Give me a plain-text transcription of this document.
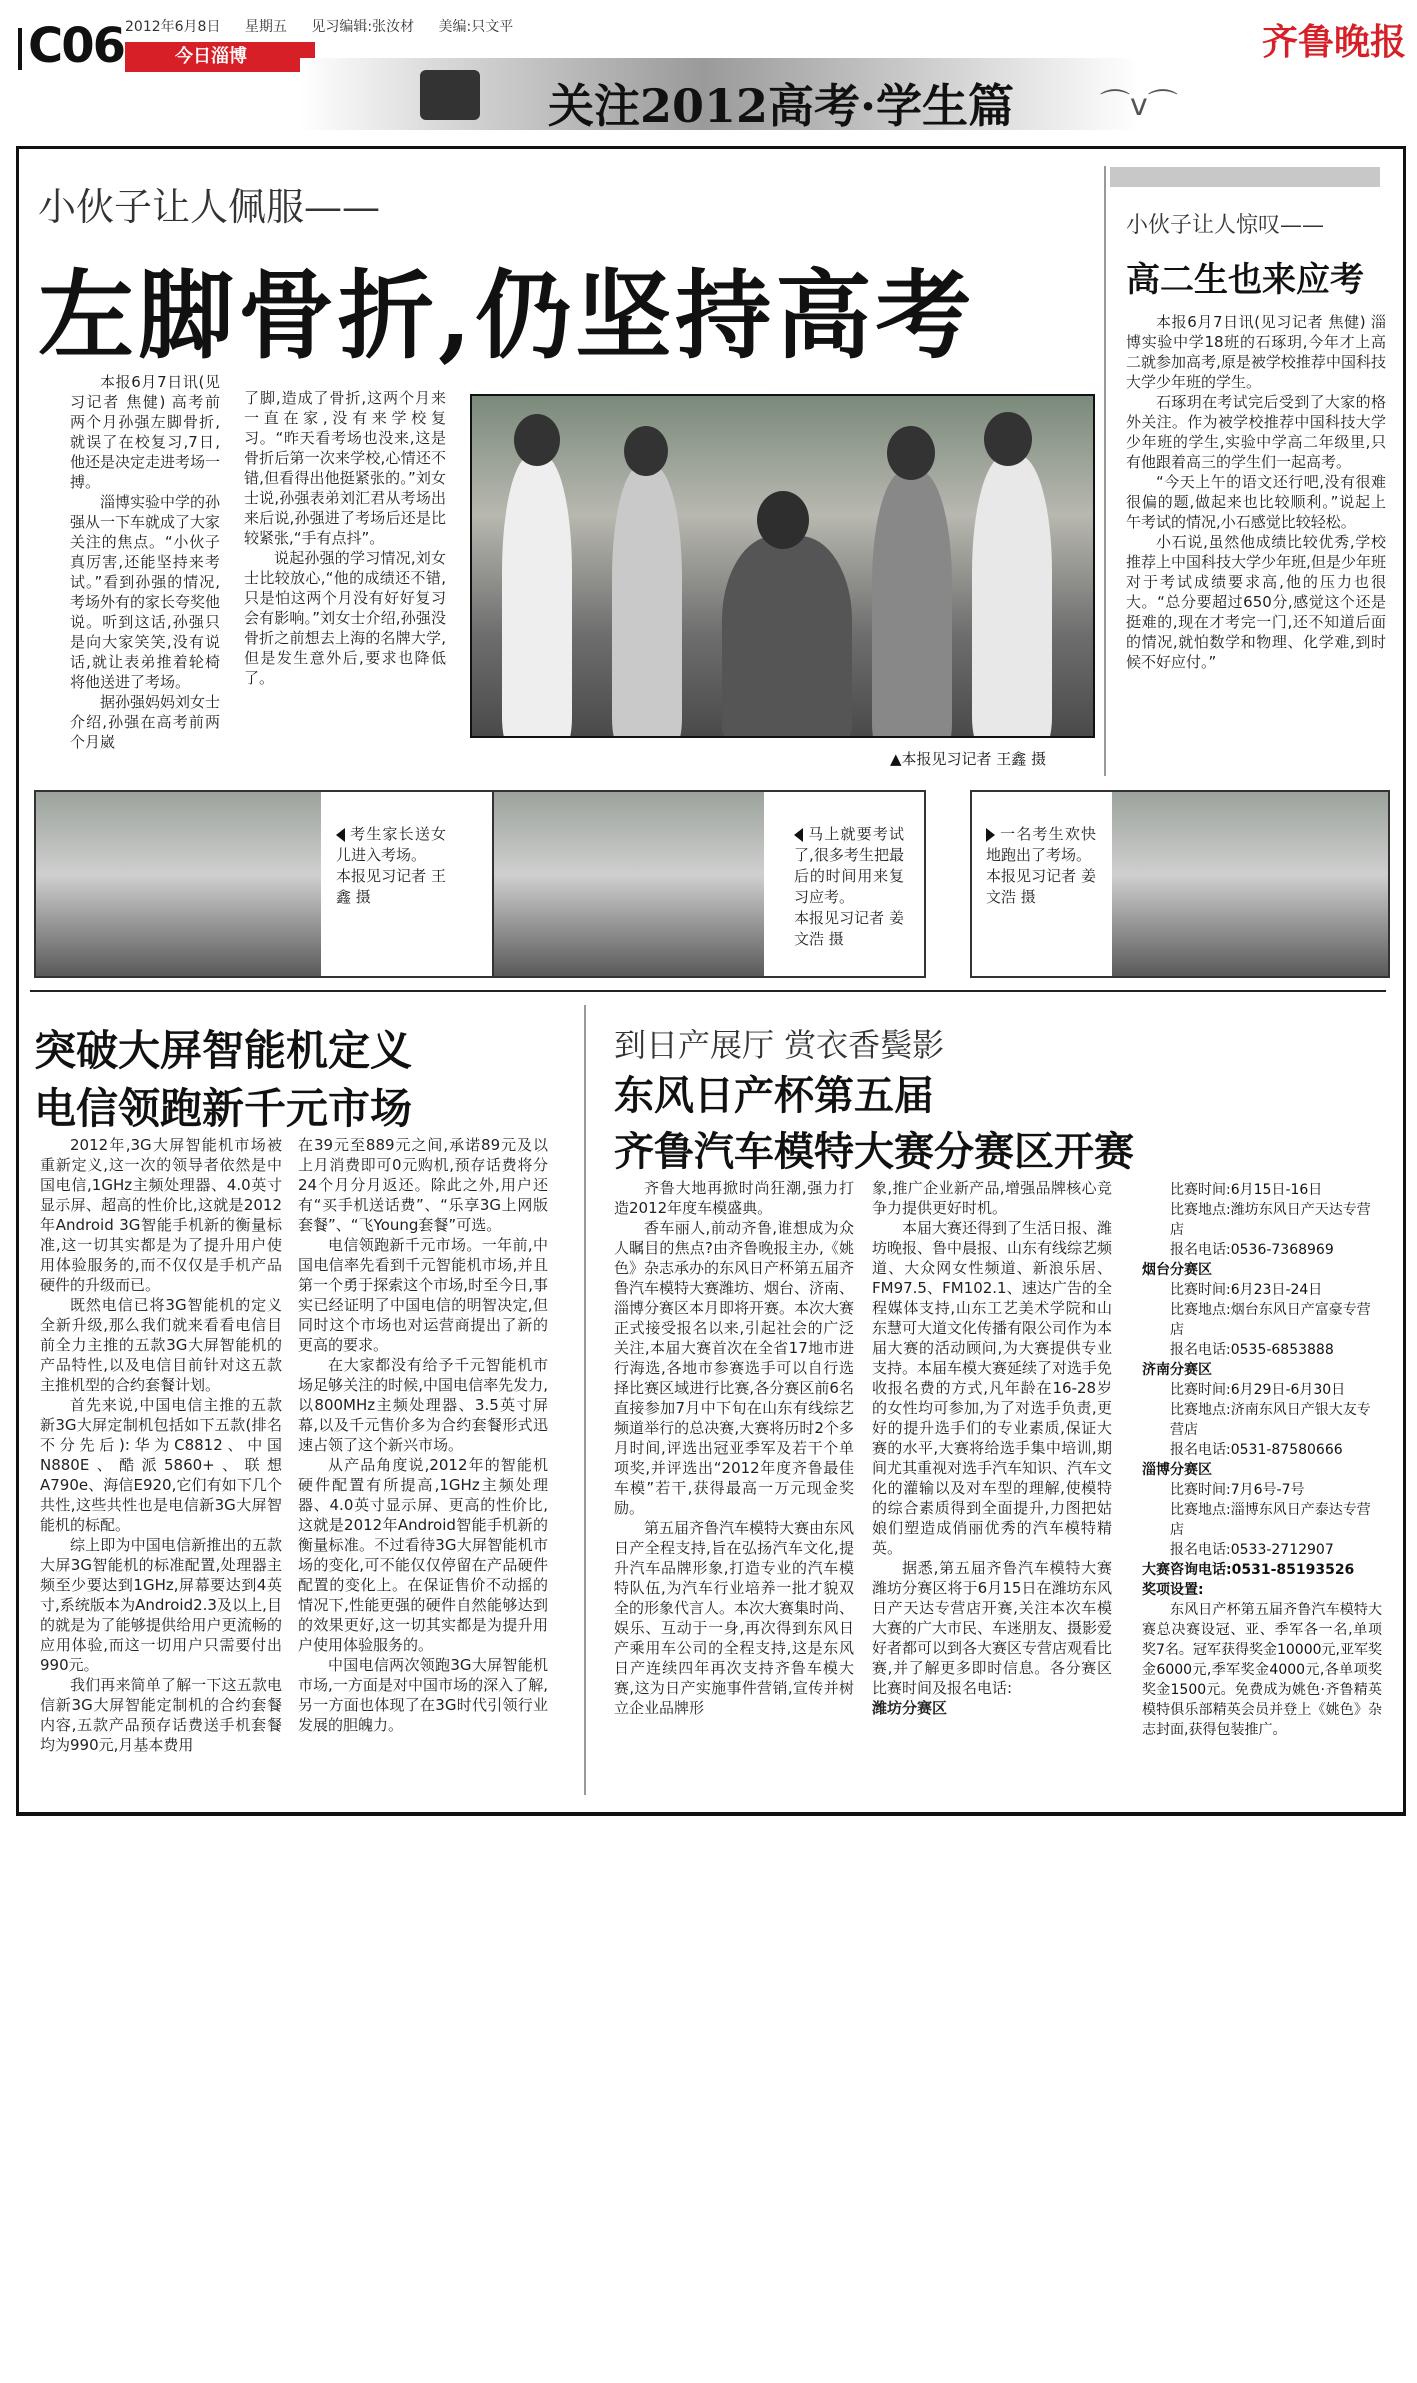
C06 2012年6月8日 星期五 见习编辑:张汝材 美编:只文平
今日淄博	齐鲁晚报
关注2012高考·学生篇	⌒v⌒
小伙子让人佩服——
左脚骨折,仍坚持高考

本报6月7日讯(见习记者 焦健) 高考前两个月孙强左脚骨折,就误了在校复习,7日,他还是决定走进考场一搏。

淄博实验中学的孙强从一下车就成了大家关注的焦点。“小伙子真厉害,还能坚持来考试。”看到孙强的情况,考场外有的家长夸奖他说。听到这话,孙强只是向大家笑笑,没有说话,就让表弟推着轮椅将他送进了考场。

据孙强妈妈刘女士介绍,孙强在高考前两个月崴

了脚,造成了骨折,这两个月来一直在家,没有来学校复习。“昨天看考场也没来,这是骨折后第一次来学校,心情还不错,但看得出他挺紧张的。”刘女士说,孙强表弟刘汇君从考场出来后说,孙强进了考场后还是比较紧张,“手有点抖”。

说起孙强的学习情况,刘女士比较放心,“他的成绩还不错,只是怕这两个月没有好好复习会有影响。”刘女士介绍,孙强没骨折之前想去上海的名牌大学,但是发生意外后,要求也降低了。

▲本报见习记者 王鑫 摄
小伙子让人惊叹——
高二生也来应考

本报6月7日讯(见习记者 焦健) 淄博实验中学18班的石琢玥,今年才上高二就参加高考,原是被学校推荐中国科技大学少年班的学生。

石琢玥在考试完后受到了大家的格外关注。作为被学校推荐中国科技大学少年班的学生,实验中学高二年级里,只有他跟着高三的学生们一起高考。

“今天上午的语文还行吧,没有很难很偏的题,做起来也比较顺利。”说起上午考试的情况,小石感觉比较轻松。

小石说,虽然他成绩比较优秀,学校推荐上中国科技大学少年班,但是少年班对于考试成绩要求高,他的压力也很大。“总分要超过650分,感觉这个还是挺难的,现在才考完一门,还不知道后面的情况,就怕数学和物理、化学难,到时候不好应付。”

考生家长送女儿进入考场。
本报见习记者 王鑫 摄
马上就要考试了,很多考生把最后的时间用来复习应考。
本报见习记者 姜文浩 摄
一名考生欢快地跑出了考场。
本报见习记者 姜文浩 摄
突破大屏智能机定义
电信领跑新千元市场

2012年,3G大屏智能机市场被重新定义,这一次的领导者依然是中国电信,1GHz主频处理器、4.0英寸显示屏、超高的性价比,这就是2012年Android 3G智能手机新的衡量标准,这一切其实都是为了提升用户使用体验服务的,而不仅仅是手机产品硬件的升级而已。

既然电信已将3G智能机的定义全新升级,那么我们就来看看电信目前全力主推的五款3G大屏智能机的产品特性,以及电信目前针对这五款主推机型的合约套餐计划。

首先来说,中国电信主推的五款新3G大屏定制机包括如下五款(排名不分先后):华为C8812、中国N880E、酷派5860+、联想A790e、海信E920,它们有如下几个共性,这些共性也是电信新3G大屏智能机的标配。

综上即为中国电信新推出的五款大屏3G智能机的标准配置,处理器主频至少要达到1GHz,屏幕要达到4英寸,系统版本为Android2.3及以上,目的就是为了能够提供给用户更流畅的应用体验,而这一切用户只需要付出990元。

我们再来简单了解一下这五款电信新3G大屏智能定制机的合约套餐内容,五款产品预存话费送手机套餐均为990元,月基本费用

在39元至889元之间,承诺89元及以上月消费即可0元购机,预存话费将分24个月分月返还。除此之外,用户还有“买手机送话费”、“乐享3G上网版套餐”、“飞Young套餐”可选。

电信领跑新千元市场。一年前,中国电信率先看到千元智能机市场,并且第一个勇于探索这个市场,时至今日,事实已经证明了中国电信的明智决定,但同时这个市场也对运营商提出了新的更高的要求。

在大家都没有给予千元智能机市场足够关注的时候,中国电信率先发力,以800MHz主频处理器、3.5英寸屏幕,以及千元售价多为合约套餐形式迅速占领了这个新兴市场。

从产品角度说,2012年的智能机硬件配置有所提高,1GHz主频处理器、4.0英寸显示屏、更高的性价比,这就是2012年Android智能手机新的衡量标准。不过看待3G大屏智能机市场的变化,可不能仅仅停留在产品硬件配置的变化上。在保证售价不动摇的情况下,性能更强的硬件自然能够达到的效果更好,这一切其实都是为提升用户使用体验服务的。

中国电信两次领跑3G大屏智能机市场,一方面是对中国市场的深入了解,另一方面也体现了在3G时代引领行业发展的胆魄力。

到日产展厅 赏衣香鬓影
东风日产杯第五届
齐鲁汽车模特大赛分赛区开赛

齐鲁大地再掀时尚狂潮,强力打造2012年度车模盛典。

香车丽人,前动齐鲁,谁想成为众人瞩目的焦点?由齐鲁晚报主办,《姚色》杂志承办的东风日产杯第五届齐鲁汽车模特大赛潍坊、烟台、济南、淄博分赛区本月即将开赛。本次大赛正式接受报名以来,引起社会的广泛关注,本届大赛首次在全省17地市进行海选,各地市参赛选手可以自行选择比赛区域进行比赛,各分赛区前6名直接参加7月中下旬在山东有线综艺频道举行的总决赛,大赛将历时2个多月时间,评选出冠亚季军及若干个单项奖,并评选出“2012年度齐鲁最佳车模”若干,获得最高一万元现金奖励。

第五届齐鲁汽车模特大赛由东风日产全程支持,旨在弘扬汽车文化,提升汽车品牌形象,打造专业的汽车模特队伍,为汽车行业培养一批才貌双全的形象代言人。本次大赛集时尚、娱乐、互动于一身,再次得到东风日产乘用车公司的全程支持,这是东风日产连续四年再次支持齐鲁车模大赛,这为日产实施事件营销,宣传并树立企业品牌形

象,推广企业新产品,增强品牌核心竞争力提供更好时机。

本届大赛还得到了生活日报、潍坊晚报、鲁中晨报、山东有线综艺频道、大众网女性频道、新浪乐居、FM97.5、FM102.1、速达广告的全程媒体支持,山东工艺美术学院和山东慧可大道文化传播有限公司作为本届大赛的活动顾问,为大赛提供专业支持。本届车模大赛延续了对选手免收报名费的方式,凡年龄在16-28岁的女性均可参加,为了对选手负责,更好的提升选手们的专业素质,保证大赛的水平,大赛将给选手集中培训,期间尤其重视对选手汽车知识、汽车文化的灌输以及对车型的理解,使模特的综合素质得到全面提升,力图把姑娘们塑造成俏丽优秀的汽车模特精英。

据悉,第五届齐鲁汽车模特大赛潍坊分赛区将于6月15日在潍坊东风日产天达专营店开赛,关注本次车模大赛的广大市民、车迷朋友、摄影爱好者都可以到各大赛区专营店观看比赛,并了解更多即时信息。各分赛区比赛时间及报名电话:

潍坊分赛区

比赛时间:6月15日-16日
比赛地点:潍坊东风日产天达专营店
报名电话:0536-7368969
烟台分赛区
比赛时间:6月23日-24日
比赛地点:烟台东风日产富豪专营店
报名电话:0535-6853888
济南分赛区
比赛时间:6月29日-6月30日
比赛地点:济南东风日产银大友专营店
报名电话:0531-87580666
淄博分赛区
比赛时间:7月6号-7号
比赛地点:淄博东风日产泰达专营店
报名电话:0533-2712907
大赛咨询电话:0531-85193526
奖项设置:
东风日产杯第五届齐鲁汽车模特大赛总决赛设冠、亚、季军各一名,单项奖7名。冠军获得奖金10000元,亚军奖金6000元,季军奖金4000元,各单项奖奖金1500元。免费成为姚色·齐鲁精英模特俱乐部精英会员并登上《姚色》杂志封面,获得包装推广。
